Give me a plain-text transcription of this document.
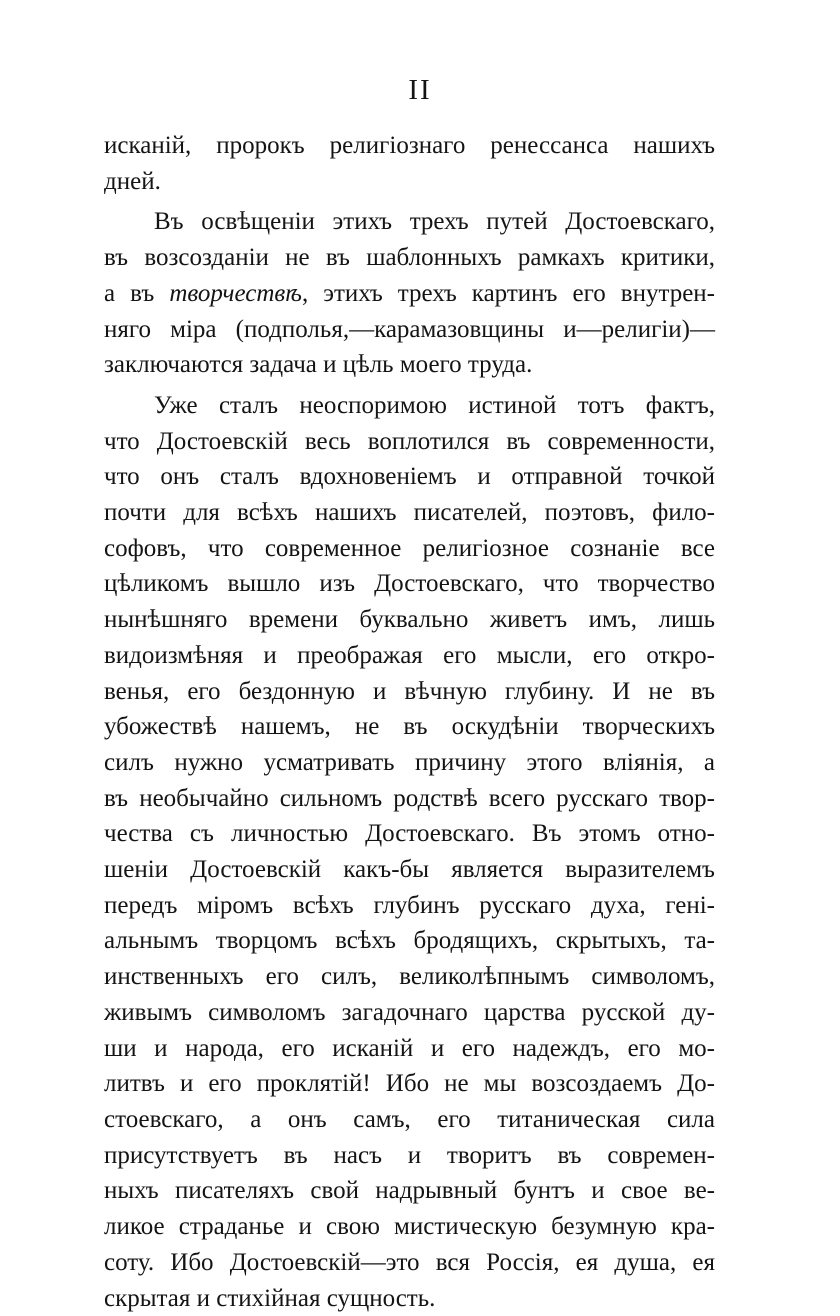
II
исканій, пророкъ религіознаго ренессанса нашихъ
дней.
Въ освѣщеніи этихъ трехъ путей Достоевскаго,
въ возсозданіи не въ шаблонныхъ рамкахъ критики,
а въ творчествѣ, этихъ трехъ картинъ его внутрен-
няго міра (подполья,—карамазовщины и—религіи)—
заключаются задача и цѣль моего труда.
Уже сталъ неоспоримою истиной тотъ фактъ,
что Достоевскій весь воплотился въ современности,
что онъ сталъ вдохновеніемъ и отправной точкой
почти для всѣхъ нашихъ писателей, поэтовъ, фило-
софовъ, что современное религіозное сознаніе все
цѣликомъ вышло изъ Достоевскаго, что творчество
нынѣшняго времени буквально живетъ имъ, лишь
видоизмѣняя и преображая его мысли, его откро-
венья, его бездонную и вѣчную глубину. И не въ
убожествѣ нашемъ, не въ оскудѣніи творческихъ
силъ нужно усматривать причину этого вліянія, а
въ необычайно сильномъ родствѣ всего русскаго твор-
чества съ личностью Достоевскаго. Въ этомъ отно-
шеніи Достоевскій какъ-бы является выразителемъ
передъ міромъ всѣхъ глубинъ русскаго духа, гені-
альнымъ творцомъ всѣхъ бродящихъ, скрытыхъ, та-
инственныхъ его силъ, великолѣпнымъ символомъ,
живымъ символомъ загадочнаго царства русской ду-
ши и народа, его исканій и его надеждъ, его мо-
литвъ и его проклятій! Ибо не мы возсоздаемъ До-
стоевскаго, а онъ самъ, его титаническая сила
присутствуетъ въ насъ и творитъ въ современ-
ныхъ писателяхъ свой надрывный бунтъ и свое ве-
ликое страданье и свою мистическую безумную кра-
соту. Ибо Достоевскій—это вся Россія, ея душа, ея
скрытая и стихійная сущность.
